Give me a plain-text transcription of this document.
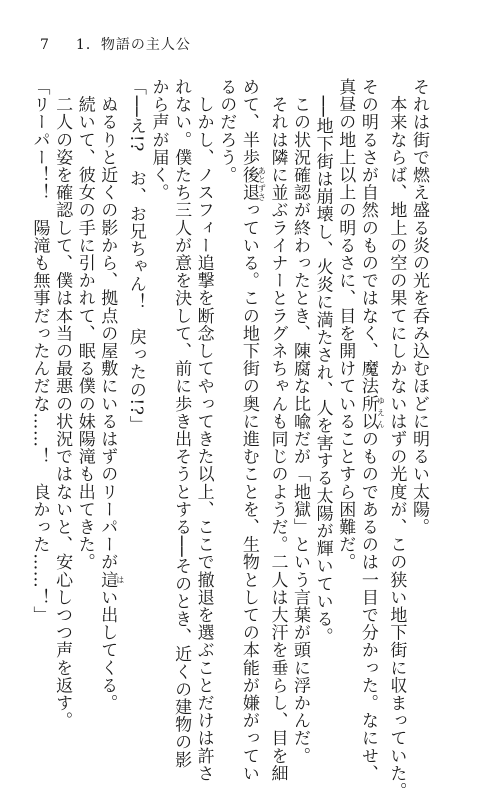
7 1．物語の主人公

それは街で燃え盛る炎の光を呑み込むほどに明るい太陽。

　本来ならば、地上の空の果てにしかないはずの光度が、この狭い地下街に収まっていた。

その明るさが自然のものではなく、魔法所以ゆえんのものであるのは一目で分かった。なにせ、

真昼の地上以上の明るさに、目を開けていることすら困難だ。

　──地下街は崩壊し、火炎に満たされ、人を害する太陽が輝いている。

　この状況確認が終わったとき、陳腐な比喩だが「地獄」という言葉が頭に浮かんだ。

　それは隣に並ぶライナーとラグネちゃんも同じのようだ。二人は大汗を垂らし、目を細

めて、半歩後退あとずさっている。この地下街の奥に進むことを、生物としての本能が嫌がってい

るのだろう。

　しかし、ノスフィー追撃を断念してやってきた以上、ここで撤退を選ぶことだけは許さ

れない。僕たち三人が意を決して、前に歩き出そうとする──そのとき、近くの建物の影

から声が届く。

「──え!?　お、お兄ちゃん！　戻ったの!?」

　ぬるりと近くの影から、拠点の屋敷にいるはずのリーパーが這はい出してくる。

　続いて、彼女の手に引かれて、眠る僕の妹陽滝も出てきた。

　二人の姿を確認して、僕は本当の最悪の状況ではないと、安心しつつ声を返す。

「リーパー！！　陽滝も無事だったんだな……！　良かった……！」
